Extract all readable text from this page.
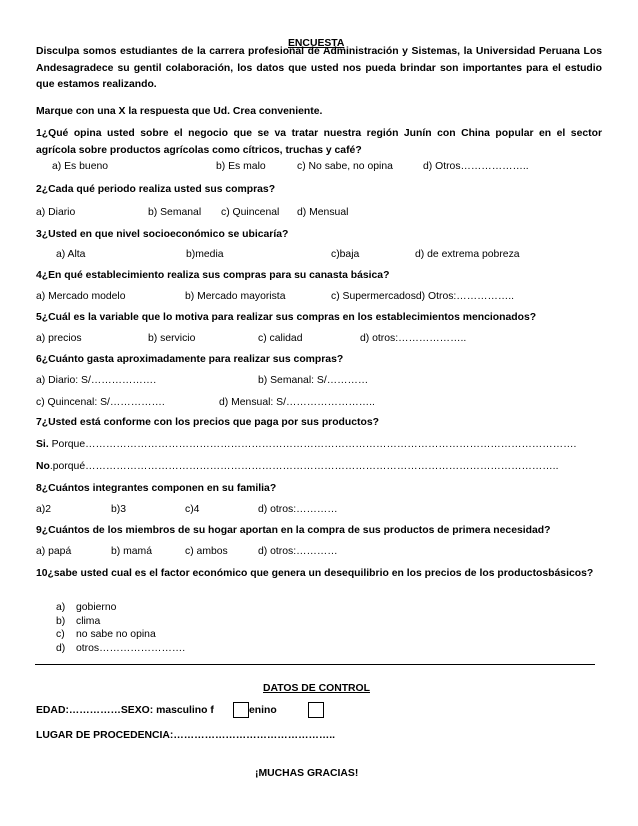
ENCUESTA
Disculpa somos estudiantes de la carrera profesional de Administración y Sistemas, la Universidad Peruana Los
Andesagradece su gentil colaboración, los datos que usted nos pueda brindar son importantes para el estudio
que estamos realizando.
Marque con una X la respuesta que Ud. Crea conveniente.
1¿Qué opina usted sobre el negocio que se va tratar nuestra región Junín con China popular en el sector
agrícola sobre productos agrícolas como cítricos, truchas y café?
a) Es bueno	b) Es malo	c) No sabe, no opina	d) Otros………………..
2¿Cada qué periodo realiza usted sus compras?
a) Diario	b) Semanal c) Quincenal d) Mensual
3¿Usted en que nivel socioeconómico se ubicaría?
a) Alta	b)media	c)baja	d) de extrema pobreza
4¿En qué establecimiento realiza sus compras para su canasta básica?
a) Mercado modelo	b) Mercado mayorista	c) Supermercadosd) Otros:……………..
5¿Cuál es la variable que lo motiva para realizar sus compras en los establecimientos mencionados?
a) precios	b) servicio	c) calidad	d) otros:………………..
6¿Cuánto gasta aproximadamente para realizar sus compras?
a) Diario: S/……………….	b) Semanal: S/…………
c) Quincenal: S/…………….	d) Mensual: S/……………………..
7¿Usted está conforme con los precios que paga por sus productos?
Si. Porque…………………………………………………………………………………………………………………………….
No.porqué………………………………………………………………………………………………………………………..
8¿Cuántos integrantes componen en su familia?
a)2	b)3	c)4	d) otros:…………
9¿Cuántos de los miembros de su hogar aportan en la compra de sus productos de primera necesidad?
a) papá	b) mamá	c) ambos	d) otros:…………
10¿sabe usted cual es el factor económico que genera un desequilibrio en los precios de los productosbásicos?
a) gobierno
b) clima
c) no sabe no opina
d) otros…………………….
DATOS DE CONTROL
EDAD:……………SEXO: masculino f	enino
LUGAR DE PROCEDENCIA:………………………………………..
¡MUCHAS GRACIAS!
